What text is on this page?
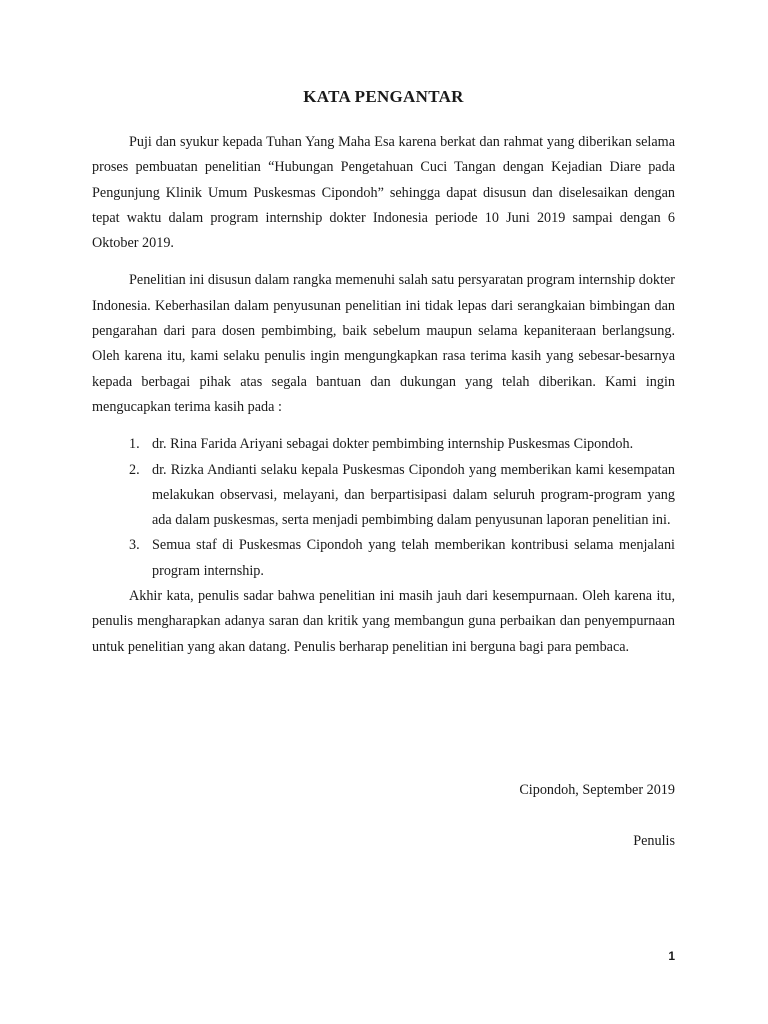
KATA PENGANTAR

Puji dan syukur kepada Tuhan Yang Maha Esa karena berkat dan rahmat yang diberikan selama proses pembuatan penelitian “Hubungan Pengetahuan Cuci Tangan dengan Kejadian Diare pada Pengunjung Klinik Umum Puskesmas Cipondoh” sehingga dapat disusun dan diselesaikan dengan tepat waktu dalam program internship dokter Indonesia periode 10 Juni 2019 sampai dengan 6 Oktober 2019.

Penelitian ini disusun dalam rangka memenuhi salah satu persyaratan program internship dokter Indonesia. Keberhasilan dalam penyusunan penelitian ini tidak lepas dari serangkaian bimbingan dan pengarahan dari para dosen pembimbing, baik sebelum maupun selama kepaniteraan berlangsung. Oleh karena itu, kami selaku penulis ingin mengungkapkan rasa terima kasih yang sebesar-besarnya kepada berbagai pihak atas segala bantuan dan dukungan yang telah diberikan. Kami ingin mengucapkan terima kasih pada :

1. dr. Rina Farida Ariyani sebagai dokter pembimbing internship Puskesmas Cipondoh.
2. dr. Rizka Andianti selaku kepala Puskesmas Cipondoh yang memberikan kami kesempatan melakukan observasi, melayani, dan berpartisipasi dalam seluruh program-program yang ada dalam puskesmas, serta menjadi pembimbing dalam penyusunan laporan penelitian ini.
3. Semua staf di Puskesmas Cipondoh yang telah memberikan kontribusi selama menjalani program internship.

Akhir kata, penulis sadar bahwa penelitian ini masih jauh dari kesempurnaan. Oleh karena itu, penulis mengharapkan adanya saran dan kritik yang membangun guna perbaikan dan penyempurnaan untuk penelitian yang akan datang. Penulis berharap penelitian ini berguna bagi para pembaca.

Cipondoh, September 2019
Penulis
1
